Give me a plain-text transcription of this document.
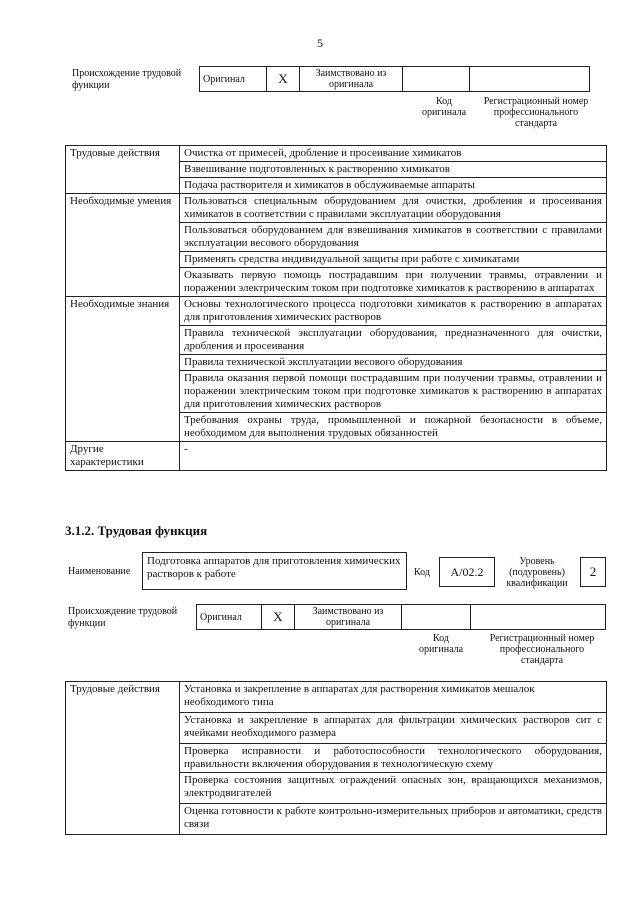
5
Происхождение трудовой функции
Оригинал	X	Заимствовано из оригинала		
Код оригинала
Регистрационный номер профессионального стандарта
Трудовые действия	Очистка от примесей, дробление и просеивание химикатов
	Взвешивание подготовленных к растворению химикатов
	Подача растворителя и химикатов в обслуживаемые аппараты
Необходимые умения	Пользоваться специальным оборудованием для очистки, дробления и просеивания химикатов в соответствии с правилами эксплуатации оборудования
	Пользоваться оборудованием для взвешивания химикатов в соответствии с правилами эксплуатации весового оборудования
	Применять средства индивидуальной защиты при работе с химикатами
	Оказывать первую помощь пострадавшим при получении травмы, отравлении и поражении электрическим током при подготовке химикатов к растворению в аппаратах
Необходимые знания	Основы технологического процесса подготовки химикатов к растворению в аппаратах для приготовления химических растворов
	Правила технической эксплуатации оборудования, предназначенного для очистки, дробления и просеивания
	Правила технической эксплуатации весового оборудования
	Правила оказания первой помощи пострадавшим при получении травмы, отравлении и поражении электрическим током при подготовке химикатов к растворению в аппаратах для приготовления химических растворов
	Требования охраны труда, промышленной и пожарной безопасности в объеме, необходимом для выполнения трудовых обязанностей
Другие характеристики	-
3.1.2. Трудовая функция
Наименование
Подготовка аппаратов для приготовления химических растворов к работе	Код	А/02.2
Уровень (подуровень) квалификации
2
Происхождение трудовой функции
Оригинал	X	Заимствовано из оригинала		
Код оригинала
Регистрационный номер профессионального стандарта
Трудовые действия	Установка и закрепление в аппаратах для растворения химикатов мешалок необходимого типа
Установка и закрепление в аппаратах для фильтрации химических растворов сит с ячейками необходимого размера
Проверка исправности и работоспособности технологического оборудования, правильности включения оборудования в технологическую схему
Проверка состояния защитных ограждений опасных зон, вращающихся механизмов, электродвигателей
Оценка готовности к работе контрольно-измерительных приборов и автоматики, средств связи
